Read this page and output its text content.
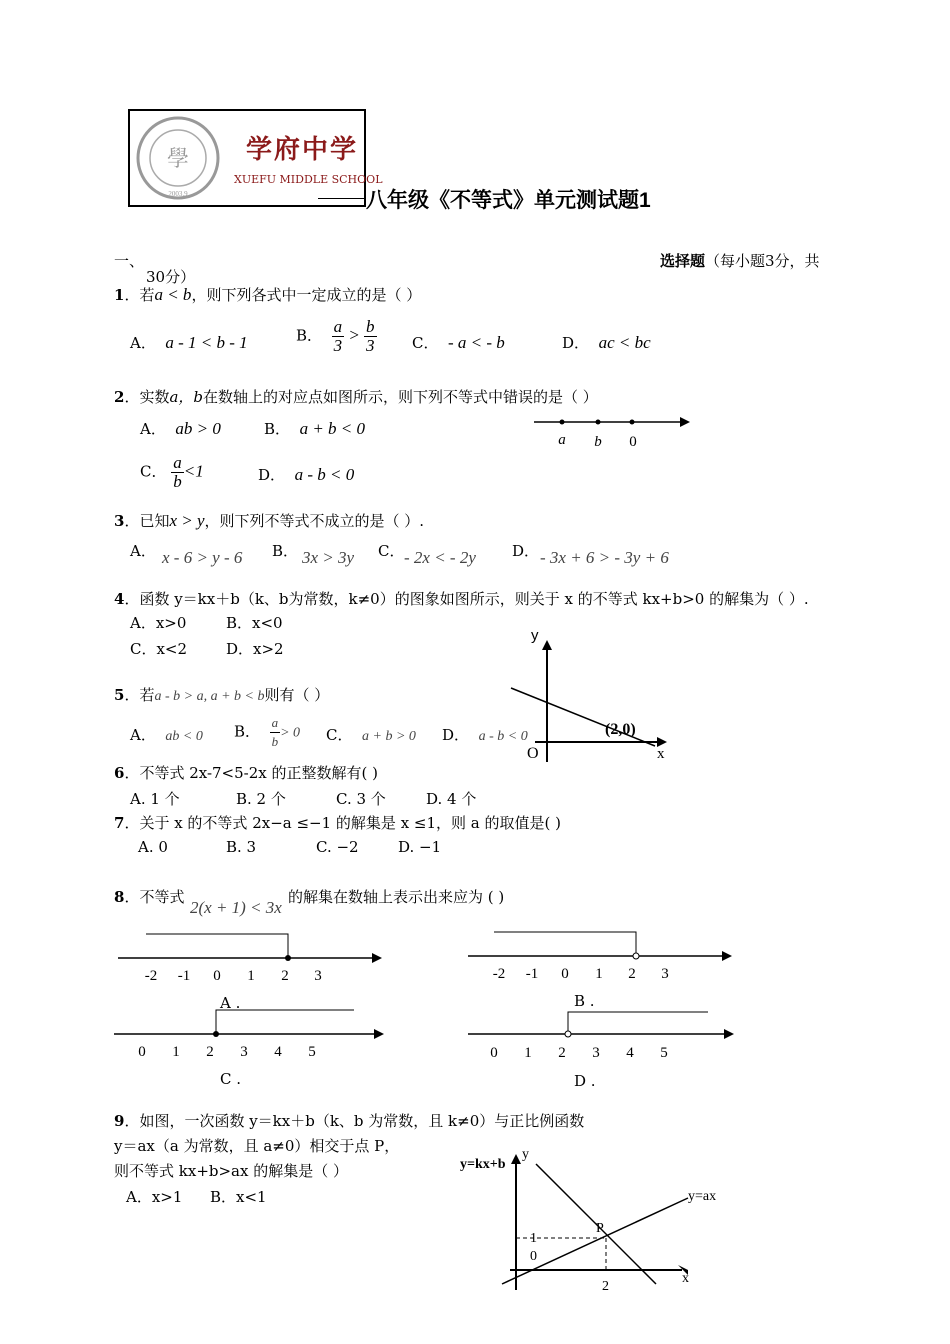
學
2003.9
学府中学
XUEFU MIDDLE SCHOOL
八年级《不等式》单元测试题1
一、	选择题（每小题3分，共
30分）
1．若a < b，则下列各式中一定成立的是（ ）
A．  a - 1 < b - 1	B． $\frac{a}{3} > \frac{b}{3}$ C．  - a < - b	D．  ac < bc
2．实数a，b在数轴上的对应点如图所示，则下列不等式中错误的是（ ）
A．  ab > 0	B．  a + b < 0
C． $\frac{a}{b} <1$	D．  a - b < 0
a b 0
3．已知x > y，则下列不等式不成立的是（ ）.
A． x - 6 > y - 6 B． 3x > 3y C． - 2x < - 2y D． - 3x + 6 > - 3y + 6
4．函数 y＝kx＋b（k、b为常数，k≠0）的图象如图所示，则关于 x 的不等式 kx+b>0 的解集为（ ）.
A．x>0	B．x<0
C．x<2	D．x>2
y
x
O
(2,0)
5．若a - b > a, a + b < b则有（ ）
A．  ab < 0 B． $\frac{a}{b} > 0$ C．  a + b > 0 D．  a - b < 0
6．不等式 2x-7<5-2x 的正整数解有( )
A. 1 个	B. 2 个	C. 3 个	D. 4 个
7．关于 x 的不等式 2x−a ≤−1 的解集是 x ≤1，则 a 的取值是( )
A. 0	B. 3	C. −2	D. −1
8．不等式
2(x + 1) < 3x
的解集在数轴上表示出来应为 ( )
-2 -1 0 1 2 3
A .
-2 -1 0 1 2 3
B .
0 1 2 3 4 5
C .
0 1 2 3 4 5
D .
9．如图，一次函数 y＝kx＋b（k、b 为常数，且 k≠0）与正比例函数
y＝ax（a 为常数，且 a≠0）相交于点 P，
则不等式 kx+b>ax 的解集是（ ）
A．x>1 B．x<1
y=kx+b
y=ax
y
x
P
1
0
2
